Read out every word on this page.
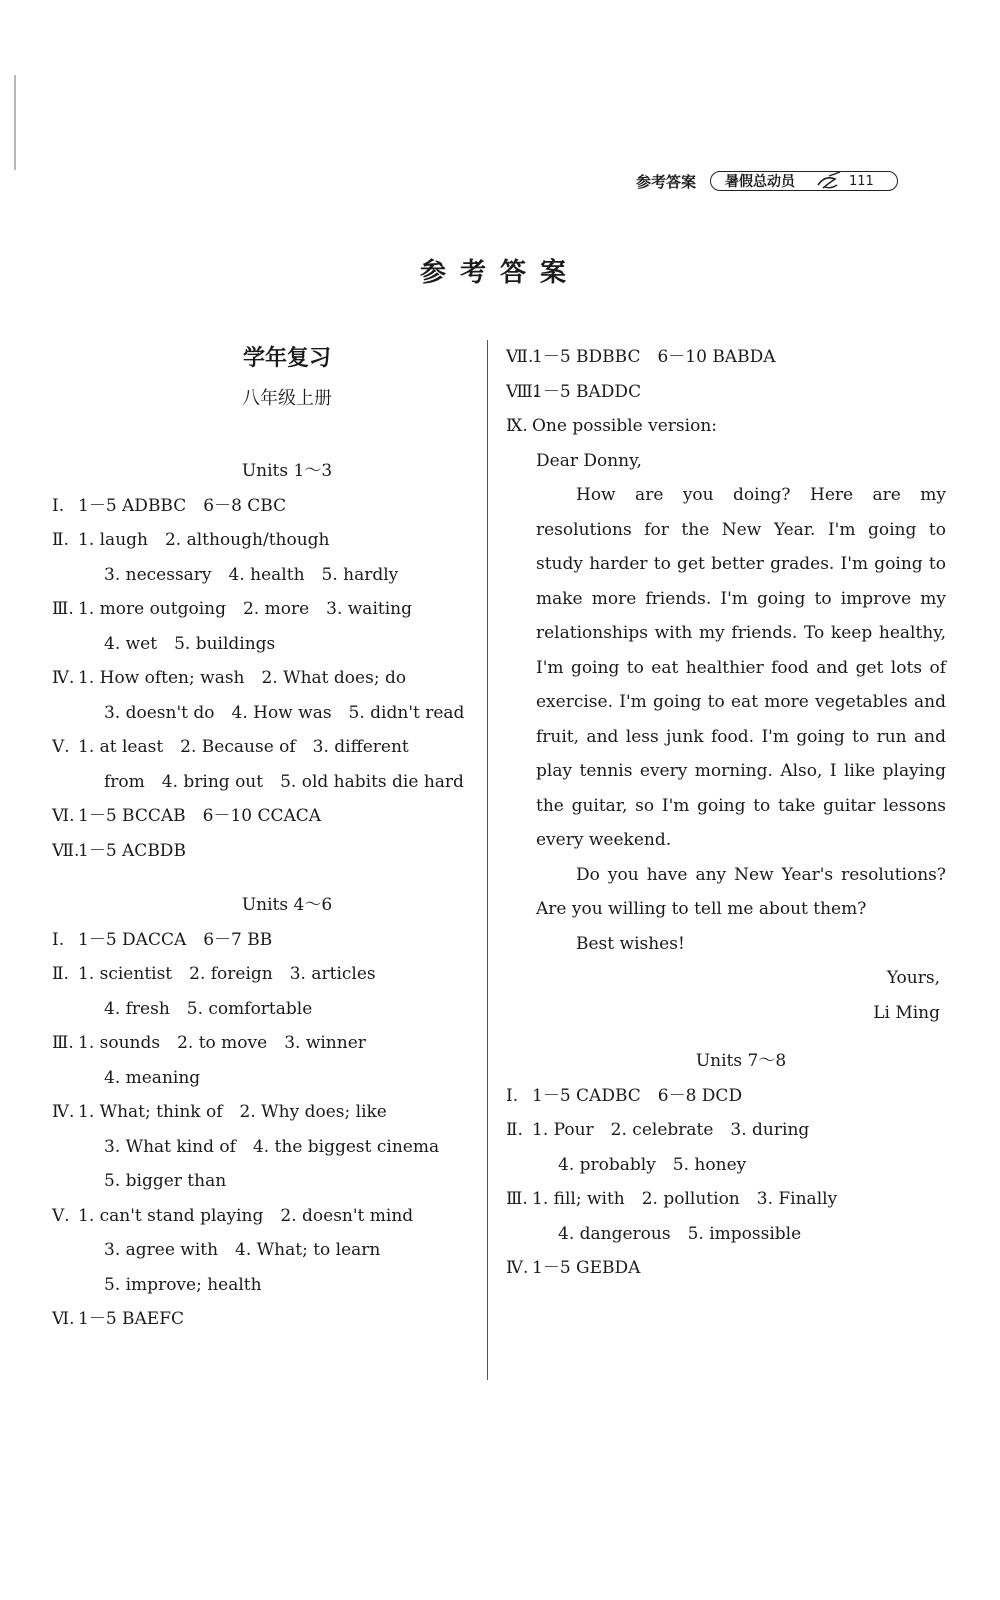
参考答案 暑假总动员	111
参考答案
学年复习
八年级上册
Units 1～3
Ⅰ. 1－5 ADBBC　6－8 CBC
Ⅱ. 1. laugh　2. although/though
3. necessary　4. health　5. hardly
Ⅲ. 1. more outgoing　2. more　3. waiting
4. wet　5. buildings
Ⅳ. 1. How often; wash　2. What does; do
3. doesn't do　4. How was　5. didn't read
Ⅴ. 1. at least　2. Because of　3. different
from　4. bring out　5. old habits die hard
Ⅵ. 1－5 BCCAB　6－10 CCACA
Ⅶ.
1－5 ACBDB
Units 4～6
Ⅰ. 1－5 DACCA　6－7 BB
Ⅱ. 1. scientist　2. foreign　3. articles
4. fresh　5. comfortable
Ⅲ. 1. sounds　2. to move　3. winner
4. meaning
Ⅳ. 1. What; think of　2. Why does; like
3. What kind of　4. the biggest cinema
5. bigger than
Ⅴ. 1. can't stand playing　2. doesn't mind
3. agree with　4. What; to learn
5. improve; health
Ⅵ. 1－5 BAEFC
Ⅶ.
1－5 BDBBC　6－10 BABDA
Ⅷ.
1－5 BADDC
Ⅸ. One possible version:

Dear Donny,

How are you doing? Here are my resolutions for the New Year. I'm going to study harder to get better grades. I'm going to make more friends. I'm going to improve my relationships with my friends. To keep healthy, I'm going to eat healthier food and get lots of exercise. I'm going to eat more vegetables and fruit, and less junk food. I'm going to run and play tennis every morning. Also, I like playing the guitar, so I'm going to take guitar lessons every weekend.

Do you have any New Year's resolutions? Are you willing to tell me about them?

Best wishes!

Yours,

Li Ming

Units 7～8
Ⅰ. 1－5 CADBC　6－8 DCD
Ⅱ. 1. Pour　2. celebrate　3. during
4. probably　5. honey
Ⅲ. 1. fill; with　2. pollution　3. Finally
4. dangerous　5. impossible
Ⅳ. 1－5 GEBDA
